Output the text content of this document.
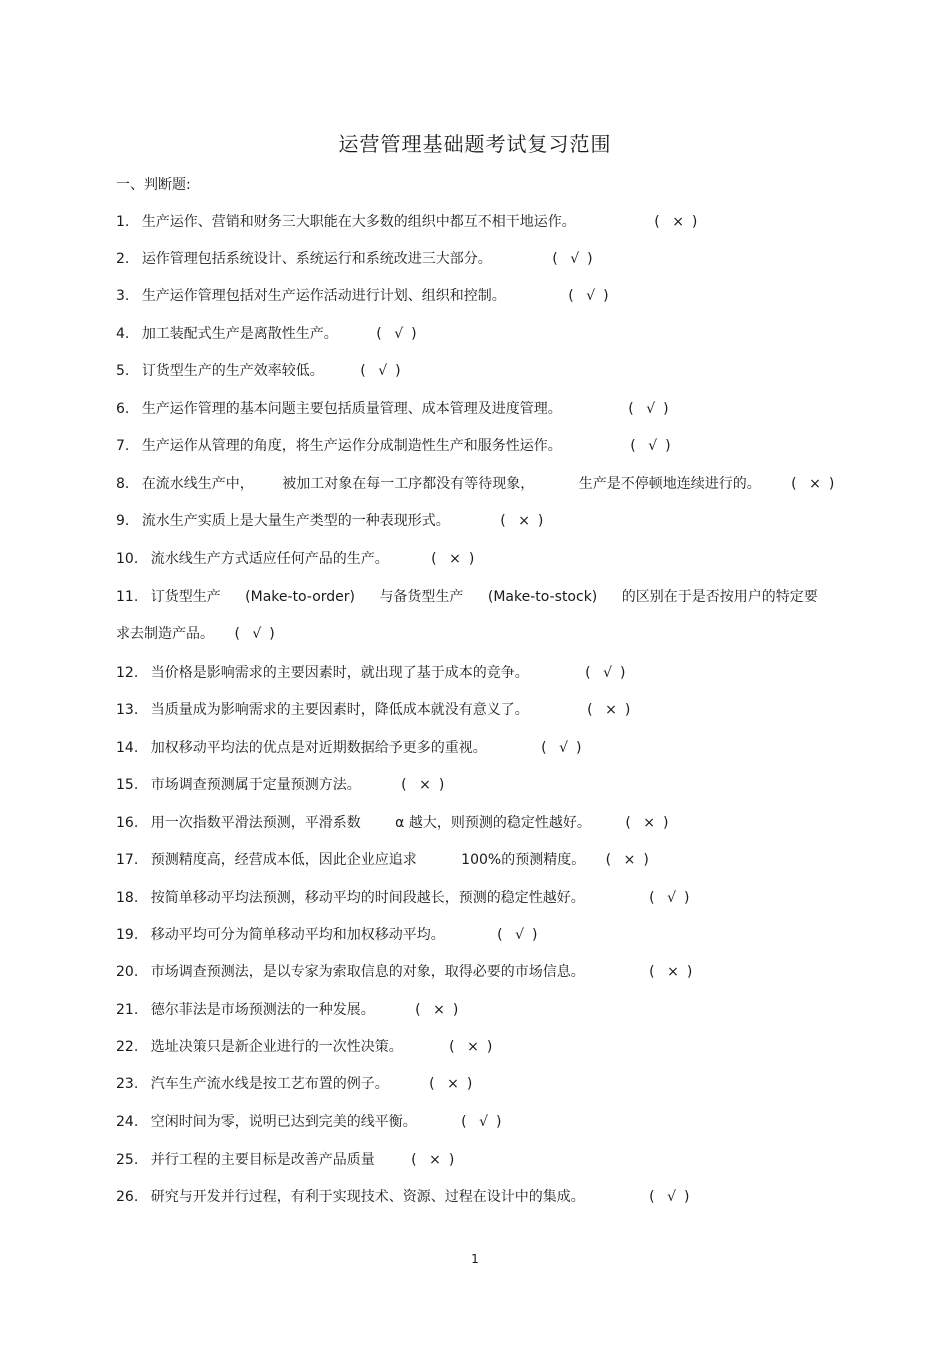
运营管理基础题考试复习范围
一、判断题:
1. 生产运作、营销和财务三大职能在大多数的组织中都互不相干地运作。	( × )
2. 运作管理包括系统设计、系统运行和系统改进三大部分。	( √ )
3. 生产运作管理包括对生产运作活动进行计划、组织和控制。	( √ )
4. 加工装配式生产是离散性生产。	( √ )
5. 订货型生产的生产效率较低。	( √ )
6. 生产运作管理的基本问题主要包括质量管理、成本管理及进度管理。	( √ )
7. 生产运作从管理的角度，将生产运作分成制造性生产和服务性运作。	( √ )
8. 在流水线生产中， 被加工对象在每一工序都没有等待现象，	生产是不停顿地连续进行的。 ( × )
9. 流水生产实质上是大量生产类型的一种表现形式。	( × )
10. 流水线生产方式适应任何产品的生产。	( × )
11. 订货型生产 (Make-to-order) 与备货型生产 (Make-to-stock) 的区别在于是否按用户的特定要
求去制造产品。 ( √ )
12. 当价格是影响需求的主要因素时，就出现了基于成本的竞争。	( √ )
13. 当质量成为影响需求的主要因素时，降低成本就没有意义了。	( × )
14. 加权移动平均法的优点是对近期数据给予更多的重视。	( √ )
15. 市场调查预测属于定量预测方法。	( × )
16. 用一次指数平滑法预测，平滑系数 α 越大，则预测的稳定性越好。 ( × )
17. 预测精度高，经营成本低，因此企业应追求	100%的预测精度。 ( × )
18. 按简单移动平均法预测，移动平均的时间段越长，预测的稳定性越好。	( √ )
19. 移动平均可分为简单移动平均和加权移动平均。	( √ )
20. 市场调查预测法，是以专家为索取信息的对象，取得必要的市场信息。	( × )
21. 德尔菲法是市场预测法的一种发展。	( × )
22. 选址决策只是新企业进行的一次性决策。	( × )
23. 汽车生产流水线是按工艺布置的例子。	( × )
24. 空闲时间为零，说明已达到完美的线平衡。	( √ )
25. 并行工程的主要目标是改善产品质量	( × )
26. 研究与开发并行过程，有利于实现技术、资源、过程在设计中的集成。	( √ )
1
